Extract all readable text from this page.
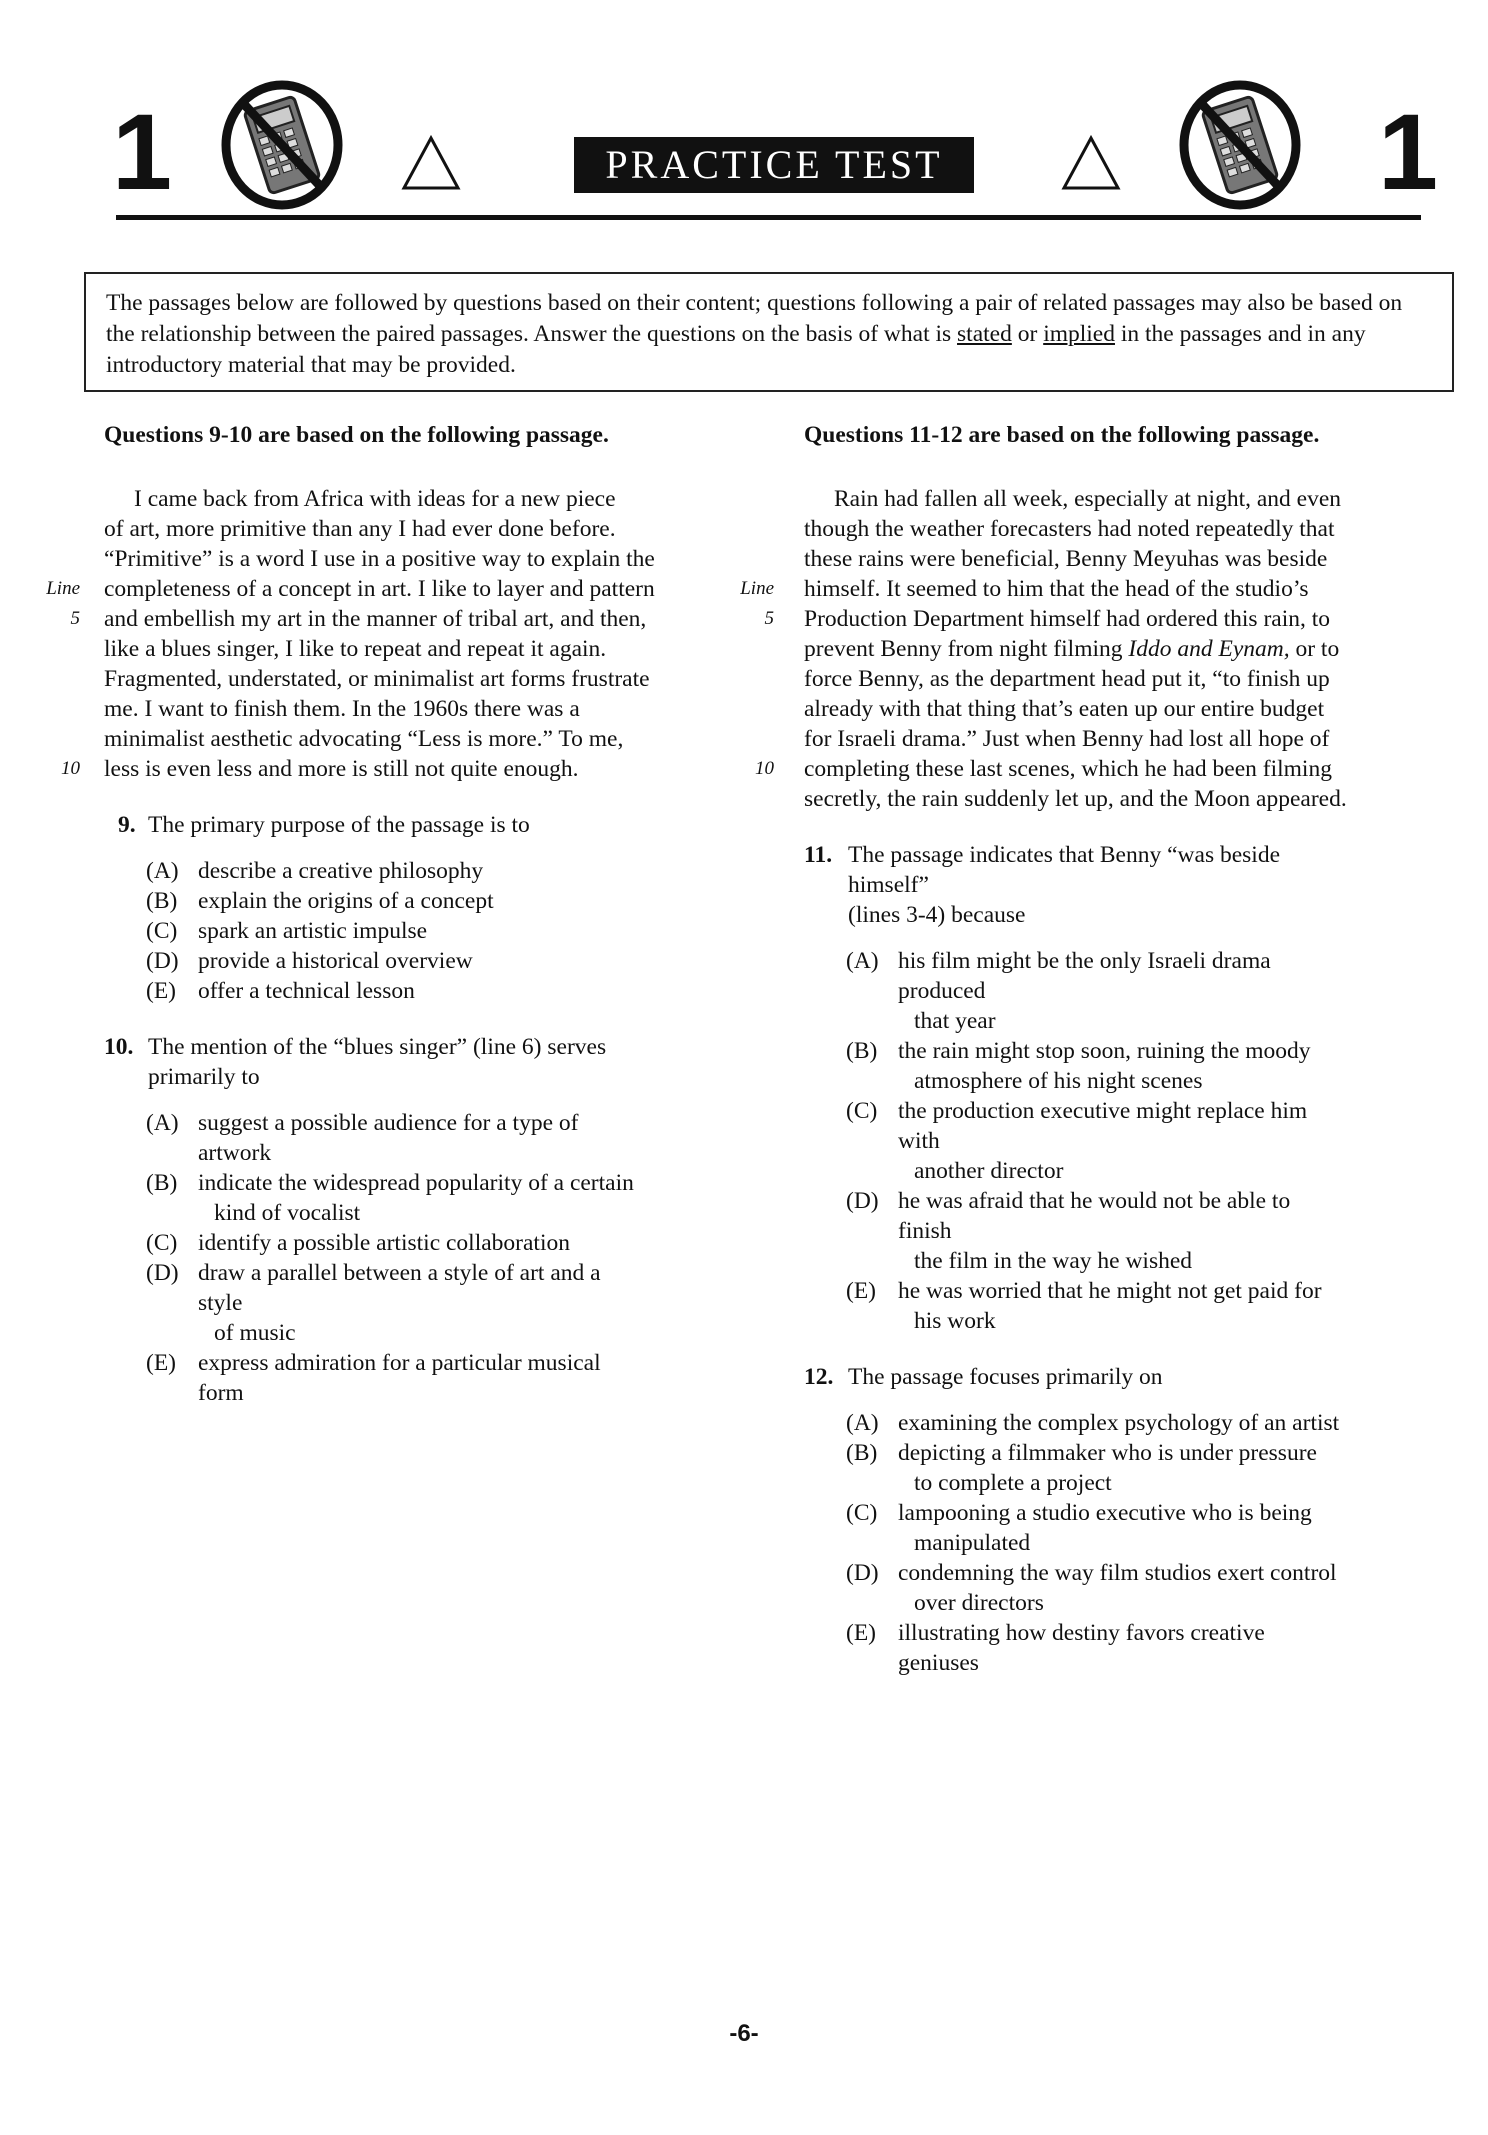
1	PRACTICE TEST	1
The passages below are followed by questions based on their content; questions following a pair of related passages may also be based on the relationship between the paired passages. Answer the questions on the basis of what is stated or implied in the passages and in any introductory material that may be provided.
Questions 9-10 are based on the following passage.
I came back from Africa with ideas for a new piece
of art, more primitive than any I had ever done before.
“Primitive” is a word I use in a positive way to explain the
Line completeness of a concept in art. I like to layer and pattern
5 and embellish my art in the manner of tribal art, and then,
like a blues singer, I like to repeat and repeat it again.
Fragmented, understated, or minimalist art forms frustrate
me. I want to finish them. In the 1960s there was a
minimalist aesthetic advocating “Less is more.” To me,
10 less is even less and more is still not quite enough.
9. The primary purpose of the passage is to
(A) describe a creative philosophy
(B) explain the origins of a concept
(C) spark an artistic impulse
(D) provide a historical overview
(E) offer a technical lesson
10. The mention of the “blues singer” (line 6) serves
primarily to
(A) suggest a possible audience for a type of artwork
(B) indicate the widespread popularity of a certain
kind of vocalist
(C) identify a possible artistic collaboration
(D) draw a parallel between a style of art and a style
of music
(E) express admiration for a particular musical form
Questions 11-12 are based on the following passage.
Rain had fallen all week, especially at night, and even
though the weather forecasters had noted repeatedly that
these rains were beneficial, Benny Meyuhas was beside
Line himself. It seemed to him that the head of the studio’s
5 Production Department himself had ordered this rain, to
prevent Benny from night filming Iddo and Eynam, or to
force Benny, as the department head put it, “to finish up
already with that thing that’s eaten up our entire budget
for Israeli drama.” Just when Benny had lost all hope of
10 completing these last scenes, which he had been filming
secretly, the rain suddenly let up, and the Moon appeared.
11. The passage indicates that Benny “was beside himself”
(lines 3-4) because
(A) his film might be the only Israeli drama produced
that year
(B) the rain might stop soon, ruining the moody
atmosphere of his night scenes
(C) the production executive might replace him with
another director
(D) he was afraid that he would not be able to finish
the film in the way he wished
(E) he was worried that he might not get paid for
his work
12. The passage focuses primarily on
(A) examining the complex psychology of an artist
(B) depicting a filmmaker who is under pressure
to complete a project
(C) lampooning a studio executive who is being
manipulated
(D) condemning the way film studios exert control
over directors
(E) illustrating how destiny favors creative geniuses
-6-
